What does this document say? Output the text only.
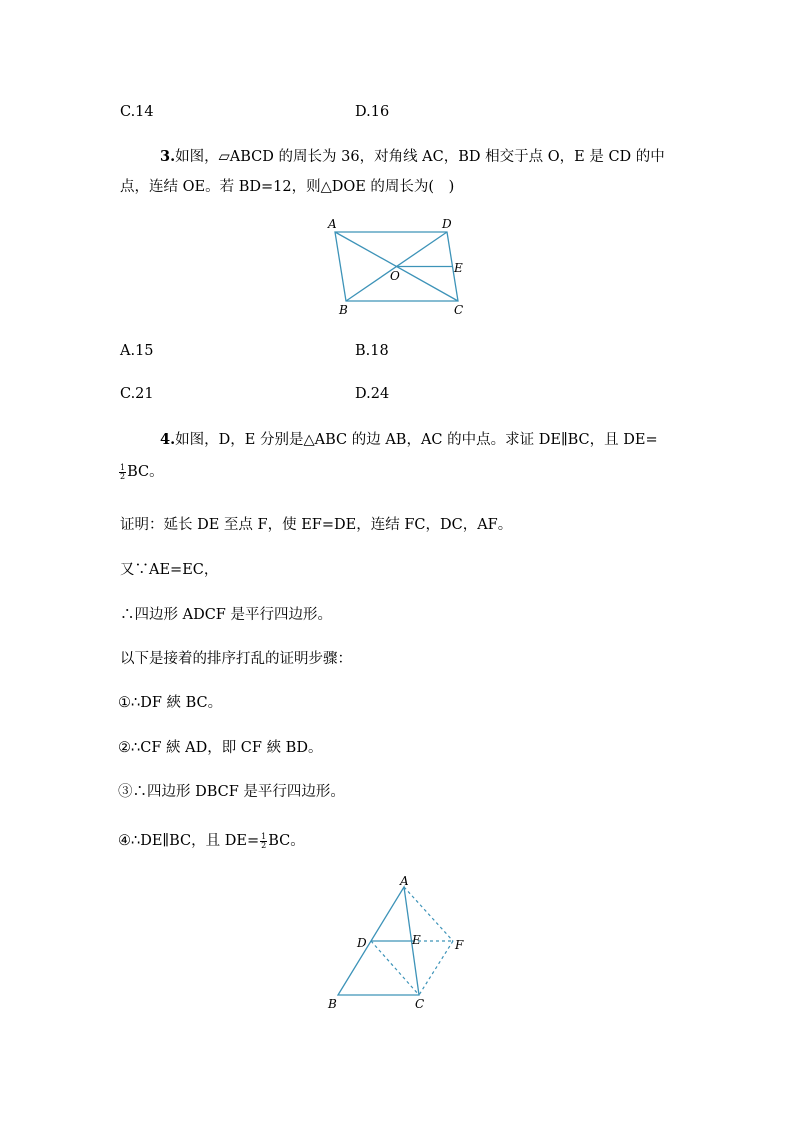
C.14	D.16
3.如图，▱ABCD 的周长为 36，对角线 AC，BD 相交于点 O，E 是 CD 的中
点，连结 OE。若 BD=12，则△DOE 的周长为(　)
A	D
O
E
B	C
A.15	B.18
C.21	D.24
4.如图，D，E 分别是△ABC 的边 AB，AC 的中点。求证 DE∥BC，且 DE=
$\frac{1}{2}$ BC。
证明：延长 DE 至点 F，使 EF=DE，连结 FC，DC，AF。
又∵AE=EC，
∴四边形 ADCF 是平行四边形。
以下是接着的排序打乱的证明步骤：
①∴DF 綊 BC。
②∴CF 綊 AD，即 CF 綊 BD。
③∴四边形 DBCF 是平行四边形。
④∴DE∥BC，且 $DE= \frac{1}{2}$ BC。
A
D	E	F
B	C
